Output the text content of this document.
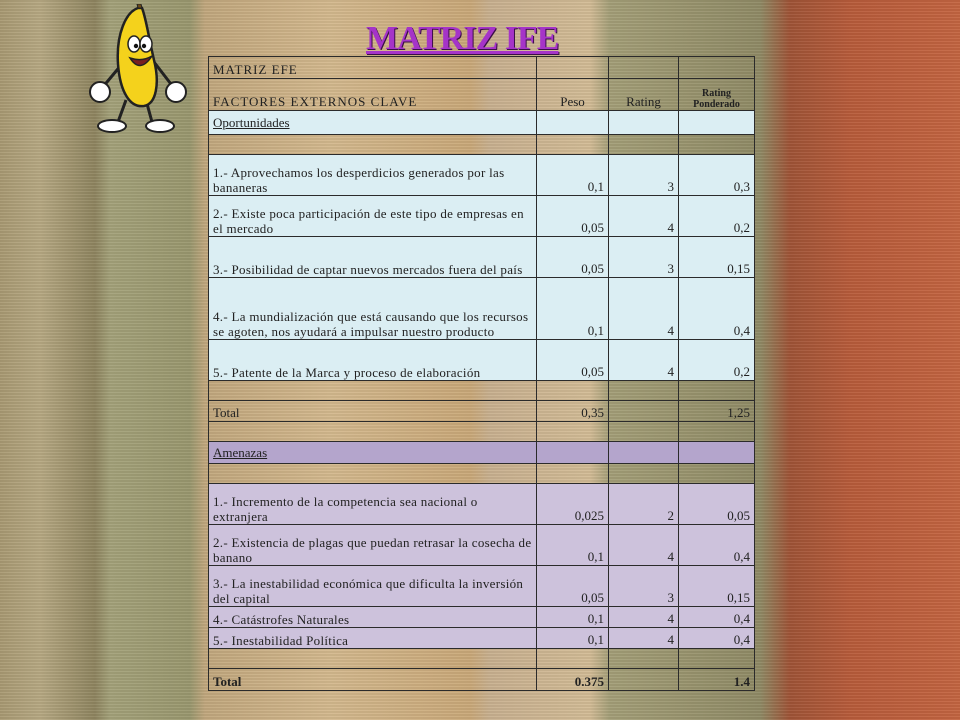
MATRIZ IFE
MATRIZ EFE			
FACTORES EXTERNOS CLAVE	Peso	Rating	Rating Ponderado
Oportunidades			

1.- Aprovechamos los desperdicios generados por las bananeras	0,1	3	0,3
2.- Existe poca participación de este tipo de empresas en el mercado	0,05	4	0,2
3.- Posibilidad de captar nuevos mercados fuera del país	0,05	3	0,15
4.- La mundialización que está causando que los recursos se agoten, nos ayudará a impulsar nuestro producto	0,1	4	0,4
5.- Patente de la Marca y proceso de elaboración	0,05	4	0,2

Total	0,35		1,25

Amenazas			

1.- Incremento de la competencia sea nacional o extranjera	0,025	2	0,05
2.- Existencia de plagas que puedan retrasar la cosecha de banano	0,1	4	0,4
3.- La inestabilidad económica que dificulta la inversión del capital	0,05	3	0,15
4.- Catástrofes Naturales	0,1	4	0,4
5.- Inestabilidad Política	0,1	4	0,4

Total	0.375		1.4
